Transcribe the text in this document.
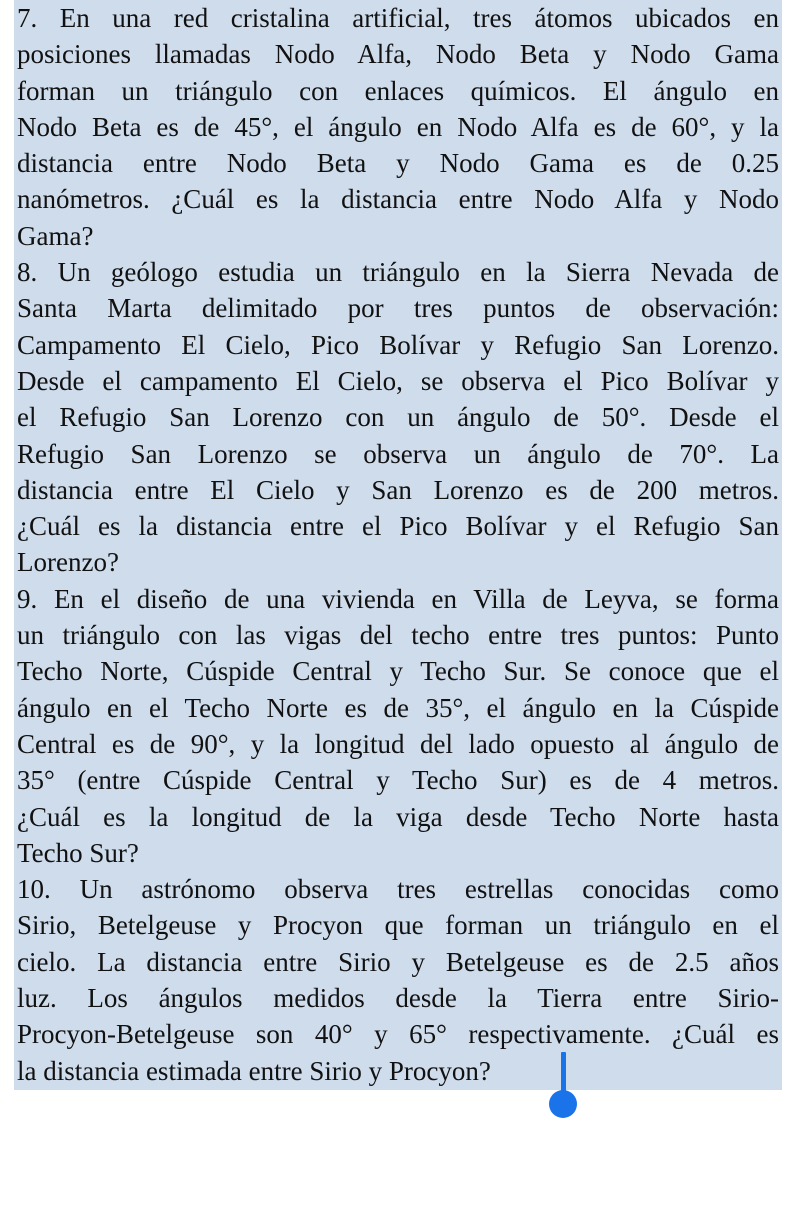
7. En una red cristalina artificial, tres átomos ubicados en
posiciones llamadas Nodo Alfa, Nodo Beta y Nodo Gama
forman un triángulo con enlaces químicos. El ángulo en
Nodo Beta es de 45°, el ángulo en Nodo Alfa es de 60°, y la
distancia entre Nodo Beta y Nodo Gama es de 0.25
nanómetros. ¿Cuál es la distancia entre Nodo Alfa y Nodo
Gama?
8. Un geólogo estudia un triángulo en la Sierra Nevada de
Santa Marta delimitado por tres puntos de observación:
Campamento El Cielo, Pico Bolívar y Refugio San Lorenzo.
Desde el campamento El Cielo, se observa el Pico Bolívar y
el Refugio San Lorenzo con un ángulo de 50°. Desde el
Refugio San Lorenzo se observa un ángulo de 70°. La
distancia entre El Cielo y San Lorenzo es de 200 metros.
¿Cuál es la distancia entre el Pico Bolívar y el Refugio San
Lorenzo?
9. En el diseño de una vivienda en Villa de Leyva, se forma
un triángulo con las vigas del techo entre tres puntos: Punto
Techo Norte, Cúspide Central y Techo Sur. Se conoce que el
ángulo en el Techo Norte es de 35°, el ángulo en la Cúspide
Central es de 90°, y la longitud del lado opuesto al ángulo de
35° (entre Cúspide Central y Techo Sur) es de 4 metros.
¿Cuál es la longitud de la viga desde Techo Norte hasta
Techo Sur?
10. Un astrónomo observa tres estrellas conocidas como
Sirio, Betelgeuse y Procyon que forman un triángulo en el
cielo. La distancia entre Sirio y Betelgeuse es de 2.5 años
luz. Los ángulos medidos desde la Tierra entre Sirio-
Procyon-Betelgeuse son 40° y 65° respectivamente. ¿Cuál es
la distancia estimada entre Sirio y Procyon?
